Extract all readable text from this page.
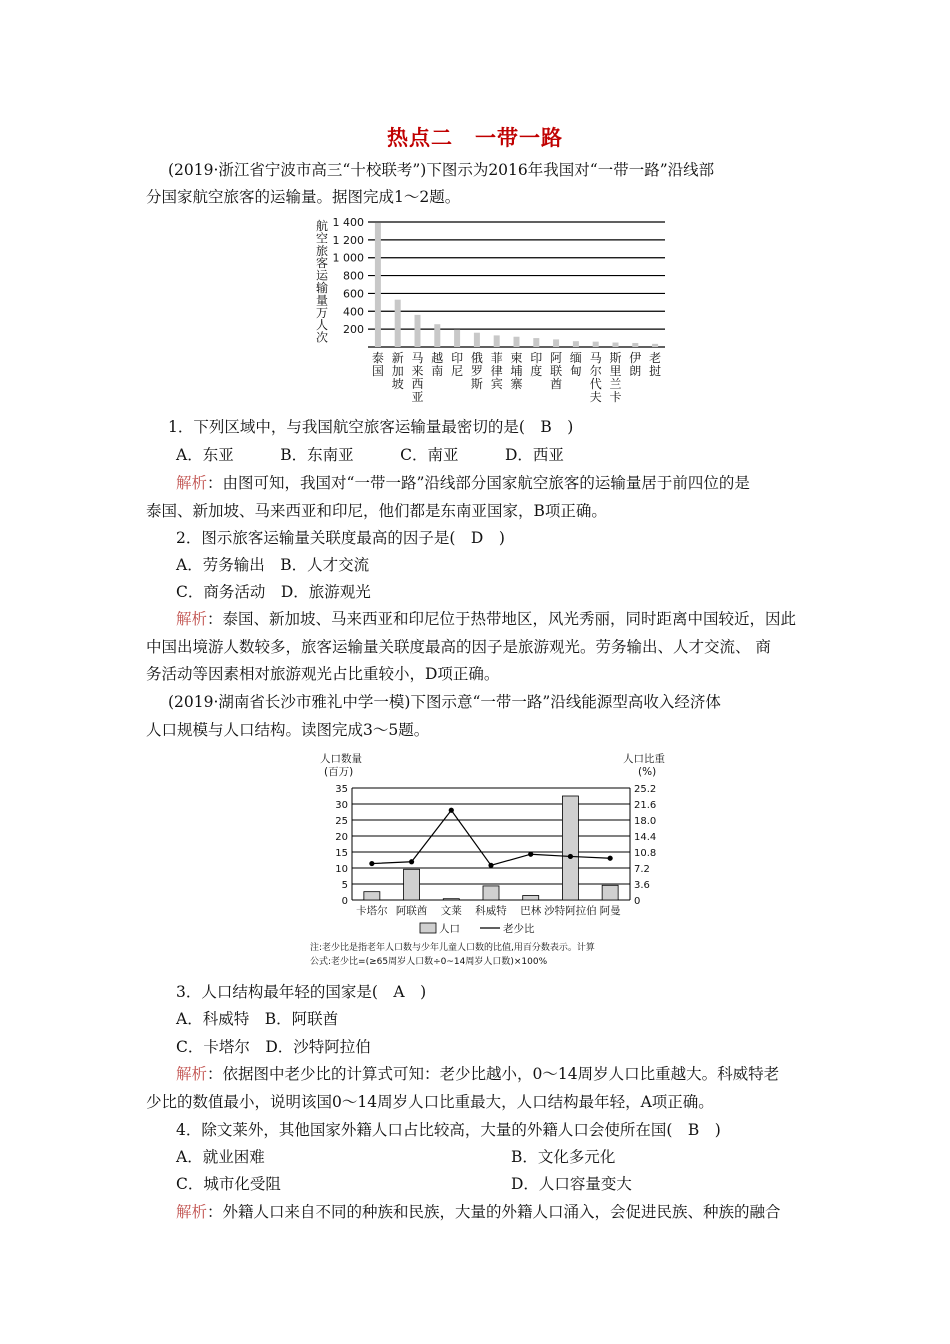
热点二　一带一路
(2019·浙江省宁波市高三“十校联考”)下图示为2016年我国对“一带一路”沿线部
分国家航空旅客的运输量。据图完成1～2题。
航
空
旅
客
运
输
量
万
人
次
1 400
1 200
1 000
800
600
400
200
泰
国
新
加
坡
马
来
西
亚
越
南
印
尼
俄
罗
斯
菲
律
宾
柬
埔
寨
印
度
阿
联
酋
缅
甸
马
尔
代
夫
斯
里
兰
卡
伊
朗
老
挝
1．下列区域中，与我国航空旅客运输量最密切的是(　B　)
A．东亚　　　B．东南亚　　　C．南亚　　　D．西亚
解析：由图可知，我国对“一带一路”沿线部分国家航空旅客的运输量居于前四位的是
泰国、新加坡、马来西亚和印尼，他们都是东南亚国家，B项正确。
2．图示旅客运输量关联度最高的因子是(　D　)
A．劳务输出　B．人才交流
C．商务活动　D．旅游观光
解析：泰国、新加坡、马来西亚和印尼位于热带地区，风光秀丽，同时距离中国较近，因此
中国出境游人数较多，旅客运输量关联度最高的因子是旅游观光。劳务输出、人才交流、 商
务活动等因素相对旅游观光占比重较小，D项正确。
(2019·湖南省长沙市雅礼中学一模)下图示意“一带一路”沿线能源型高收入经济体
人口规模与人口结构。读图完成3～5题。
人口数量
(百万)
人口比重
(%)
35
30
25
20
15
10
5
0
25.2
21.6
18.0
14.4
10.8
7.2
3.6
0
卡塔尔 阿联酋 文莱 科威特 巴林 沙特阿拉伯 阿曼
人口	老少比
注:老少比是指老年人口数与少年儿童人口数的比值,用百分数表示。计算
公式:老少比=(≥65周岁人口数÷0~14周岁人口数)×100%
3．人口结构最年轻的国家是(　A　)
A．科威特　B．阿联酋
C．卡塔尔　D．沙特阿拉伯
解析：依据图中老少比的计算式可知：老少比越小，0～14周岁人口比重越大。科威特老
少比的数值最小，说明该国0～14周岁人口比重最大，人口结构最年轻，A项正确。
4．除文莱外，其他国家外籍人口占比较高，大量的外籍人口会使所在国(　B　)
A．就业困难	B．文化多元化
C．城市化受阻	D．人口容量变大
解析：外籍人口来自不同的种族和民族，大量的外籍人口涌入，会促进民族、种族的融合
